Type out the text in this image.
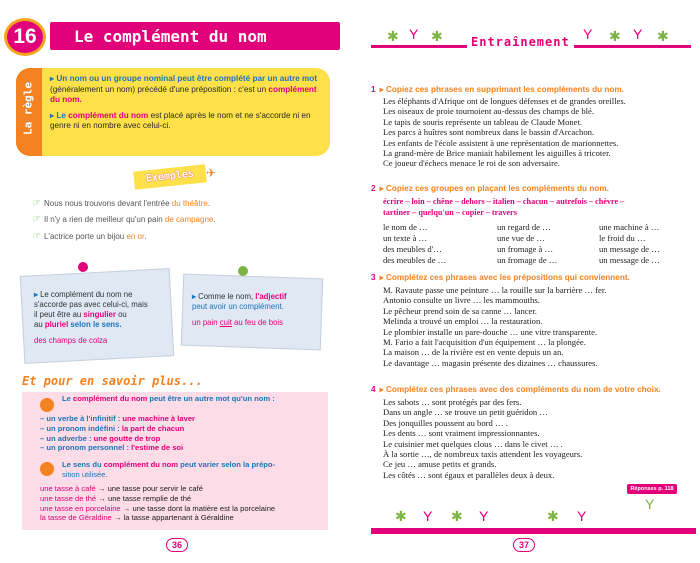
16	Le complément du nom
La règle

▸ Un nom ou un groupe nominal peut être complété par un autre mot (généralement un nom) précédé d'une préposition : c'est un complément du nom.

▸ Le complément du nom est placé après le nom et ne s'accorde ni en genre ni en nombre avec celui-ci.

Exemples ✈
☞ Nous nous trouvons devant l'entrée du théâtre.
☞ Il n'y a rien de meilleur qu'un pain de campagne.
☞ L'actrice porte un bijou en or.
▸ Le complément du nom ne
s'accorde pas avec celui-ci, mais
il peut être au singulier ou
au pluriel selon le sens.
des champs de colza
▸ Comme le nom, l'adjectif
peut avoir un complément.
un pain cuit au feu de bois
Et pour en savoir plus...
Le complément du nom peut être un autre mot qu'un nom :
– un verbe à l'infinitif : une machine à laver
– un pronom indéfini : la part de chacun
– un adverbe : une goutte de trop
– un pronom personnel : l'estime de soi
Le sens du complément du nom peut varier selon la prépo-
sition utilisée.
une tasse à café → une tasse pour servir le café
une tasse de thé → une tasse remplie de thé
une tasse en porcelaine → une tasse dont la matière est la porcelaine
la tasse de Géraldine → la tasse appartenant à Géraldine
36
✱ Y ✱	Entraînement Y ✱ Y ✱
1 ▸ Copiez ces phrases en supprimant les compléments du nom.
Les éléphants d'Afrique ont de longues défenses et de grandes oreilles.
Les oiseaux de proie tournoient au-dessus des champs de blé.
Le tapis de souris représente un tableau de Claude Monet.
Les parcs à huîtres sont nombreux dans le bassin d'Arcachon.
Les enfants de l'école assistent à une représentation de marionnettes.
La grand-mère de Brice maniait habilement les aiguilles à tricoter.
Ce joueur d'échecs menace le roi de son adversaire.
2 ▸ Copiez ces groupes en plaçant les compléments du nom.
écrire – loin – chêne – dehors – italien – chacun – autrefois – chèvre –
tartiner – quelqu'un – copier – travers
le nom de …	un regard de …	une machine à …
un texte à …	une vue de …	le froid du …
des meubles d'…	un fromage à …	un message de …
des meubles de …	un fromage de …	un message de …
3 ▸ Complétez ces phrases avec les prépositions qui conviennent.
M. Ravaute passe une peinture … la rouille sur la barrière … fer.
Antonio consulte un livre … les mammouths.
Le pêcheur prend soin de sa canne … lancer.
Melinda a trouvé un emploi … la restauration.
Le plombier installe un pare-douche … une vitre transparente.
M. Fario a fait l'acquisition d'un équipement … la plongée.
La maison … de la rivière est en vente depuis un an.
Le davantage … magasin présente des dizaines … chaussures.
4 ▸ Complétez ces phrases avec des compléments du nom de votre choix.
Les sabots … sont protégés par des fers.
Dans un angle … se trouve un petit guéridon …
Des jonquilles poussent au bord … .
Les dents … sont vraiment impressionnantes.
Le cuisinier met quelques clous … dans le civet … .
À la sortie …, de nombreux taxis attendent les voyageurs.
Ce jeu … amuse petits et grands.
Les côtés … sont égaux et parallèles deux à deux.
Réponses p. 118
Y
✱ Y ✱ Y	✱ Y
37
